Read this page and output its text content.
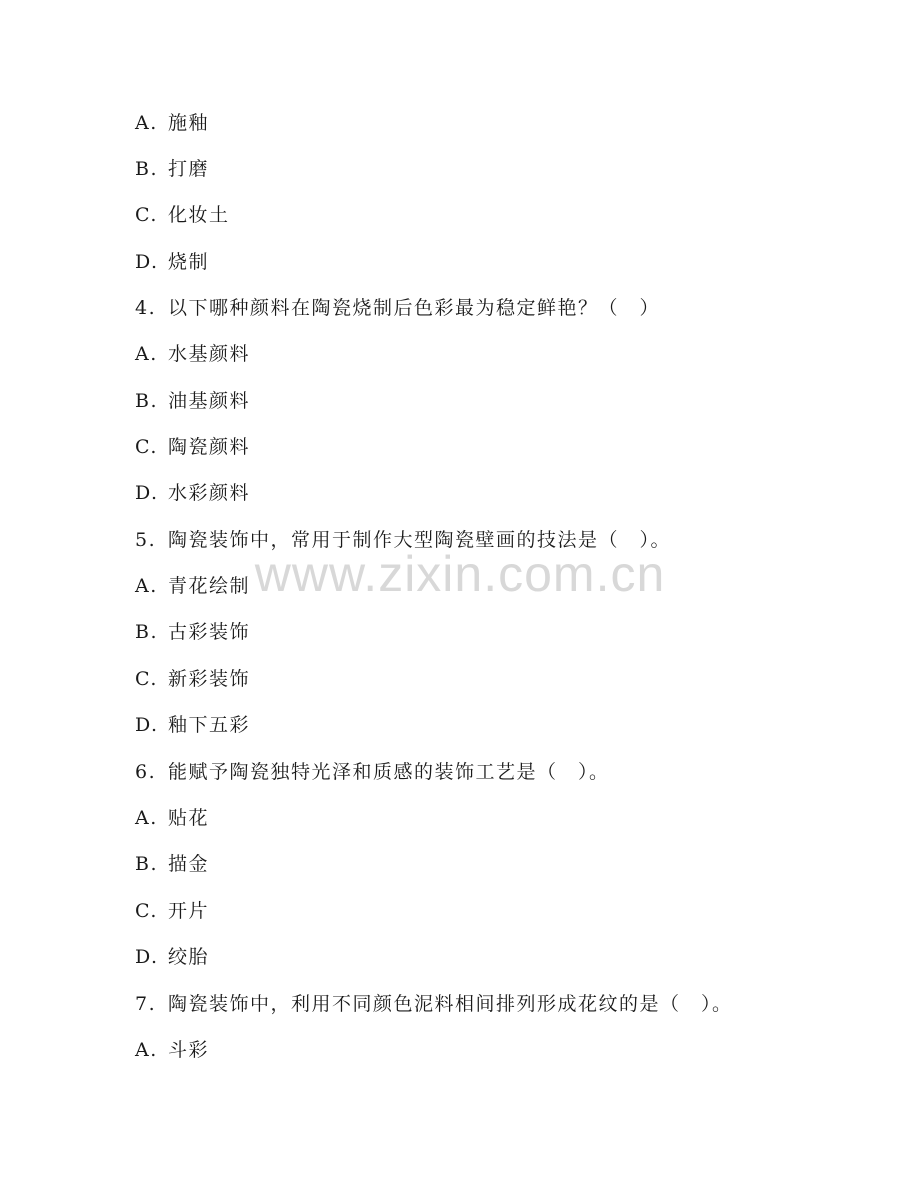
A. 施釉
B. 打磨
C. 化妆土
D. 烧制
4. 以下哪种颜料在陶瓷烧制后色彩最为稳定鲜艳？（　）
A. 水基颜料
B. 油基颜料
C. 陶瓷颜料
D. 水彩颜料
5. 陶瓷装饰中，常用于制作大型陶瓷壁画的技法是（　）。
A. 青花绘制
B. 古彩装饰
C. 新彩装饰
D. 釉下五彩
6. 能赋予陶瓷独特光泽和质感的装饰工艺是（　）。
A. 贴花
B. 描金
C. 开片
D. 绞胎
7. 陶瓷装饰中，利用不同颜色泥料相间排列形成花纹的是（　）。
A. 斗彩
www.zixin.com.cn
